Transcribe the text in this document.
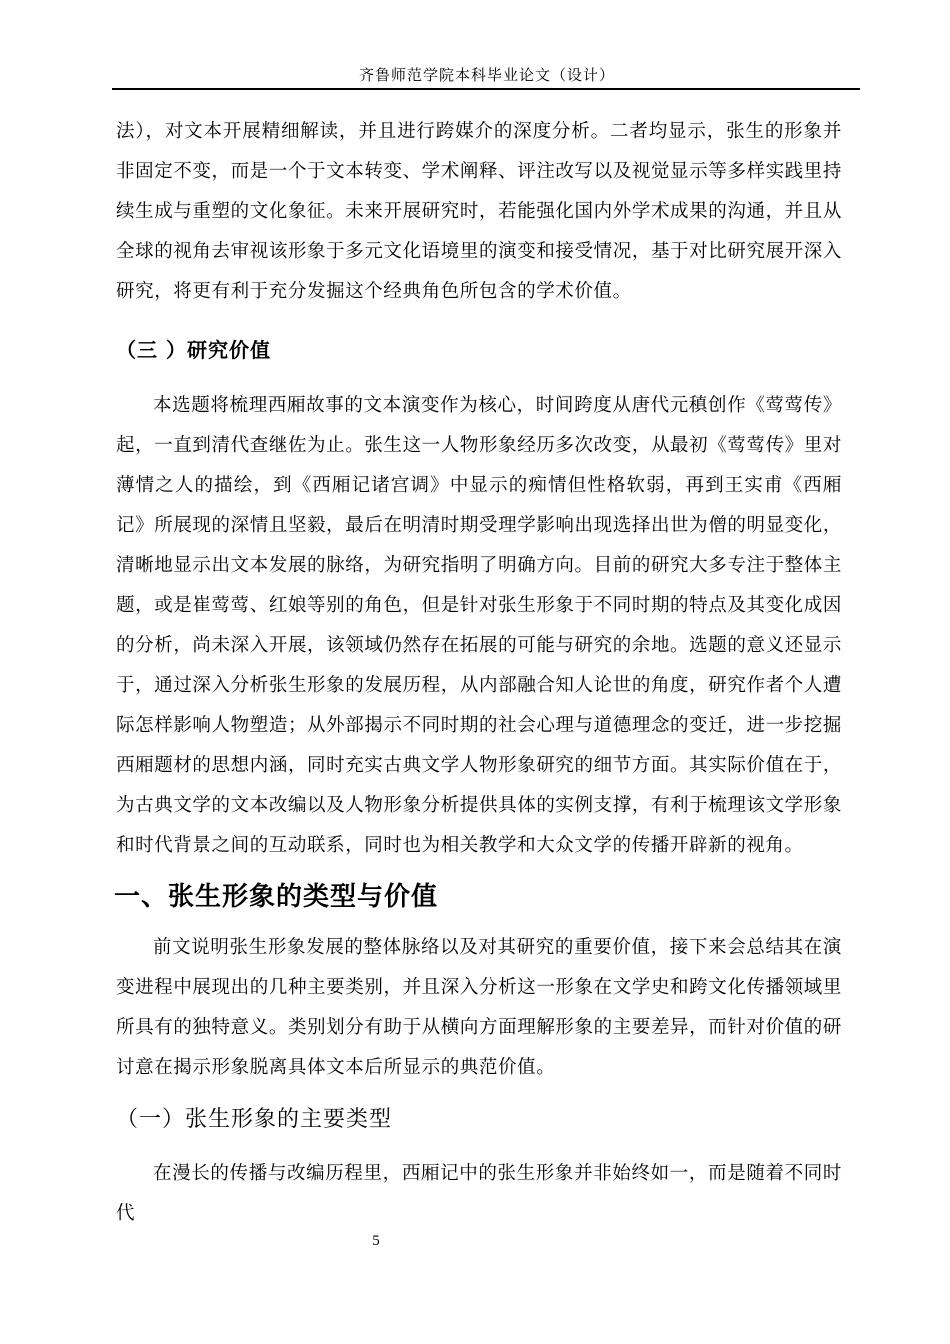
齐鲁师范学院本科毕业论文（设计）

法），对文本开展精细解读，并且进行跨媒介的深度分析。二者均显示，张生的形象并非固定不变，而是一个于文本转变、学术阐释、评注改写以及视觉显示等多样实践里持续生成与重塑的文化象征。未来开展研究时，若能强化国内外学术成果的沟通，并且从全球的视角去审视该形象于多元文化语境里的演变和接受情况，基于对比研究展开深入研究，将更有利于充分发掘这个经典角色所包含的学术价值。

（三 ）研究价值

本选题将梳理西厢故事的文本演变作为核心，时间跨度从唐代元稹创作《莺莺传》起，一直到清代查继佐为止。张生这一人物形象经历多次改变，从最初《莺莺传》里对薄情之人的描绘，到《西厢记诸宫调》中显示的痴情但性格软弱，再到王实甫《西厢记》所展现的深情且坚毅，最后在明清时期受理学影响出现选择出世为僧的明显变化，清晰地显示出文本发展的脉络，为研究指明了明确方向。目前的研究大多专注于整体主题，或是崔莺莺、红娘等别的角色，但是针对张生形象于不同时期的特点及其变化成因的分析，尚未深入开展，该领域仍然存在拓展的可能与研究的余地。选题的意义还显示于，通过深入分析张生形象的发展历程，从内部融合知人论世的角度，研究作者个人遭际怎样影响人物塑造；从外部揭示不同时期的社会心理与道德理念的变迁，进一步挖掘西厢题材的思想内涵，同时充实古典文学人物形象研究的细节方面。其实际价值在于，为古典文学的文本改编以及人物形象分析提供具体的实例支撑，有利于梳理该文学形象和时代背景之间的互动联系，同时也为相关教学和大众文学的传播开辟新的视角。

一、张生形象的类型与价值

前文说明张生形象发展的整体脉络以及对其研究的重要价值，接下来会总结其在演变进程中展现出的几种主要类别，并且深入分析这一形象在文学史和跨文化传播领域里所具有的独特意义。类别划分有助于从横向方面理解形象的主要差异，而针对价值的研讨意在揭示形象脱离具体文本后所显示的典范价值。

（一）张生形象的主要类型

在漫长的传播与改编历程里，西厢记中的张生形象并非始终如一，而是随着不同时代

5
